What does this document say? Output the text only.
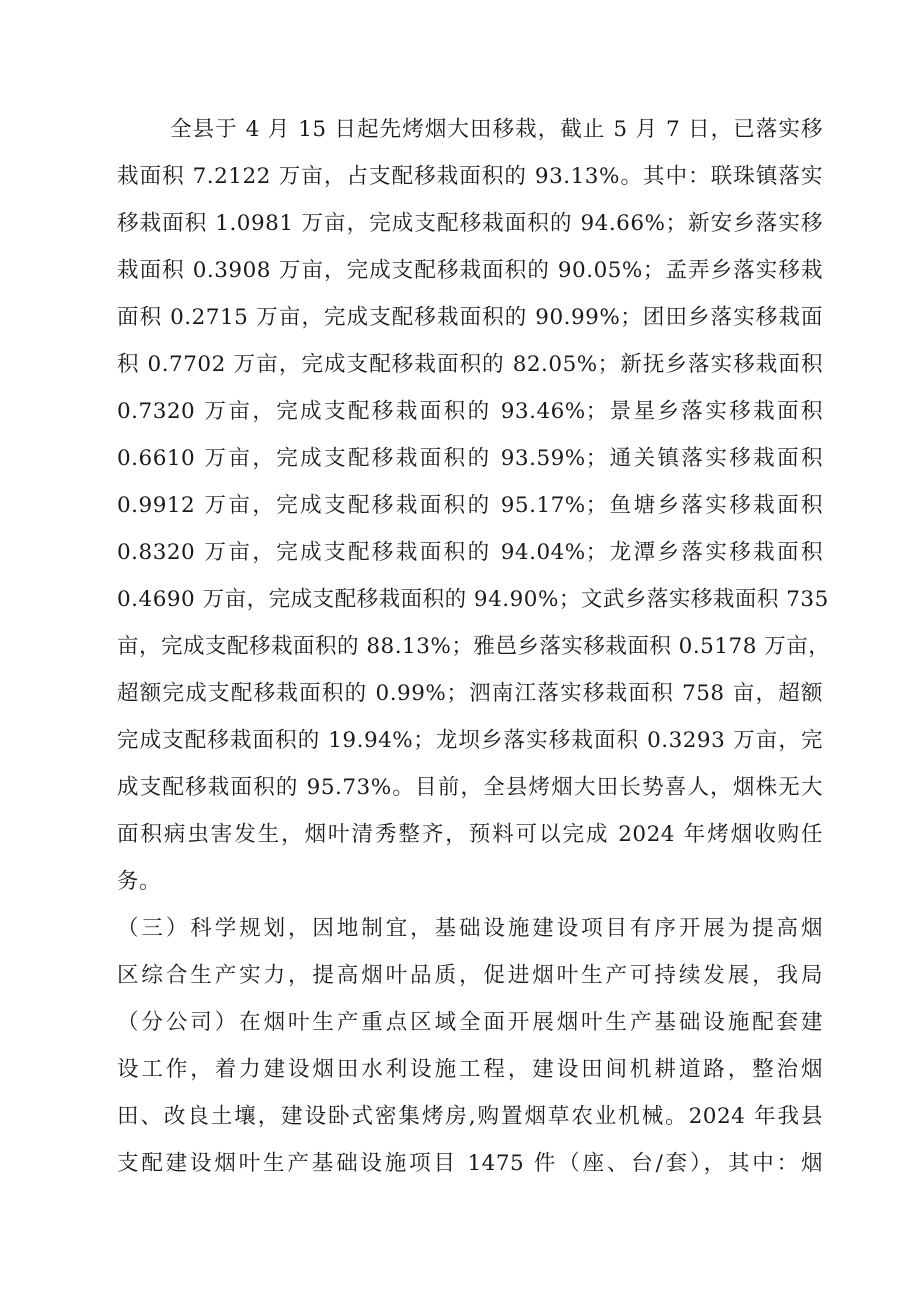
全县于 4 月 15 日起先烤烟大田移栽，截止 5 月 7 日，已落实移
栽面积 7.2122 万亩，占支配移栽面积的 93.13%。其中：联珠镇落实
移栽面积 1.0981 万亩，完成支配移栽面积的 94.66%；新安乡落实移
栽面积 0.3908 万亩，完成支配移栽面积的 90.05%；孟弄乡落实移栽
面积 0.2715 万亩，完成支配移栽面积的 90.99%；团田乡落实移栽面
积 0.7702 万亩，完成支配移栽面积的 82.05%；新抚乡落实移栽面积
0.7320 万亩，完成支配移栽面积的 93.46%；景星乡落实移栽面积
0.6610 万亩，完成支配移栽面积的 93.59%；通关镇落实移栽面积
0.9912 万亩，完成支配移栽面积的 95.17%；鱼塘乡落实移栽面积
0.8320 万亩，完成支配移栽面积的 94.04%；龙潭乡落实移栽面积
0.4690 万亩，完成支配移栽面积的 94.90%；文武乡落实移栽面积 735
亩，完成支配移栽面积的 88.13%；雅邑乡落实移栽面积 0.5178 万亩，
超额完成支配移栽面积的 0.99%；泗南江落实移栽面积 758 亩，超额
完成支配移栽面积的 19.94%；龙坝乡落实移栽面积 0.3293 万亩，完
成支配移栽面积的 95.73%。目前，全县烤烟大田长势喜人，烟株无大
面积病虫害发生，烟叶清秀整齐，预料可以完成 2024 年烤烟收购任
务。
（三）科学规划，因地制宜，基础设施建设项目有序开展为提高烟
区综合生产实力，提高烟叶品质，促进烟叶生产可持续发展，我局
（分公司）在烟叶生产重点区域全面开展烟叶生产基础设施配套建
设工作，着力建设烟田水利设施工程，建设田间机耕道路，整治烟
田、改良土壤，建设卧式密集烤房,购置烟草农业机械。2024 年我县
支配建设烟叶生产基础设施项目 1475 件（座、台/套），其中：烟
